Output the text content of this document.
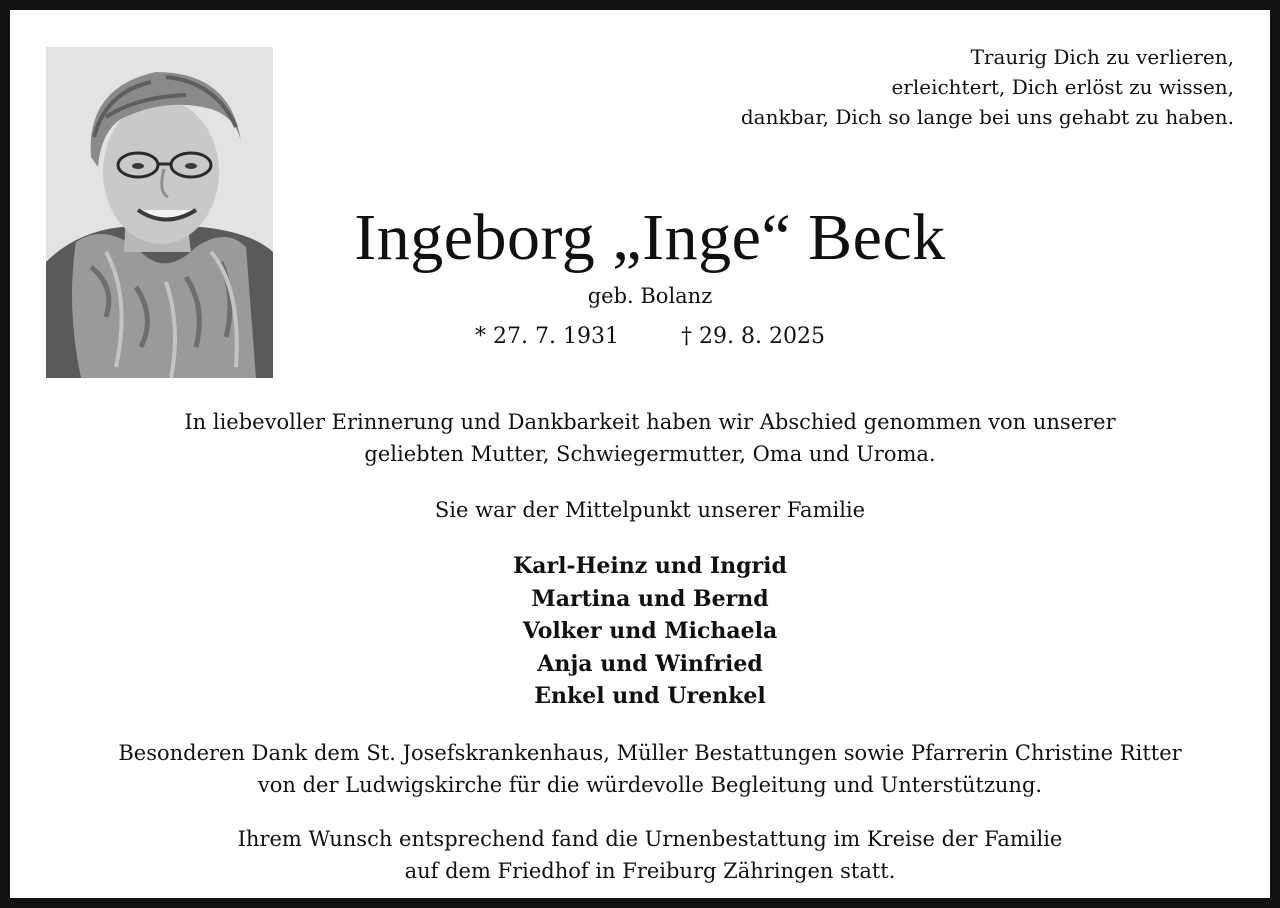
Traurig Dich zu verlieren,
erleichtert, Dich erlöst zu wissen,
dankbar, Dich so lange bei uns gehabt zu haben.
Ingeborg „Inge“ Beck
geb. Bolanz
* 27. 7. 1931	† 29. 8. 2025
In liebevoller Erinnerung und Dankbarkeit haben wir Abschied genommen von unserer
geliebten Mutter, Schwiegermutter, Oma und Uroma.
Sie war der Mittelpunkt unserer Familie
Karl-Heinz und Ingrid
Martina und Bernd
Volker und Michaela
Anja und Winfried
Enkel und Urenkel
Besonderen Dank dem St. Josefskrankenhaus, Müller Bestattungen sowie Pfarrerin Christine Ritter
von der Ludwigskirche für die würdevolle Begleitung und Unterstützung.
Ihrem Wunsch entsprechend fand die Urnenbestattung im Kreise der Familie
auf dem Friedhof in Freiburg Zähringen statt.
